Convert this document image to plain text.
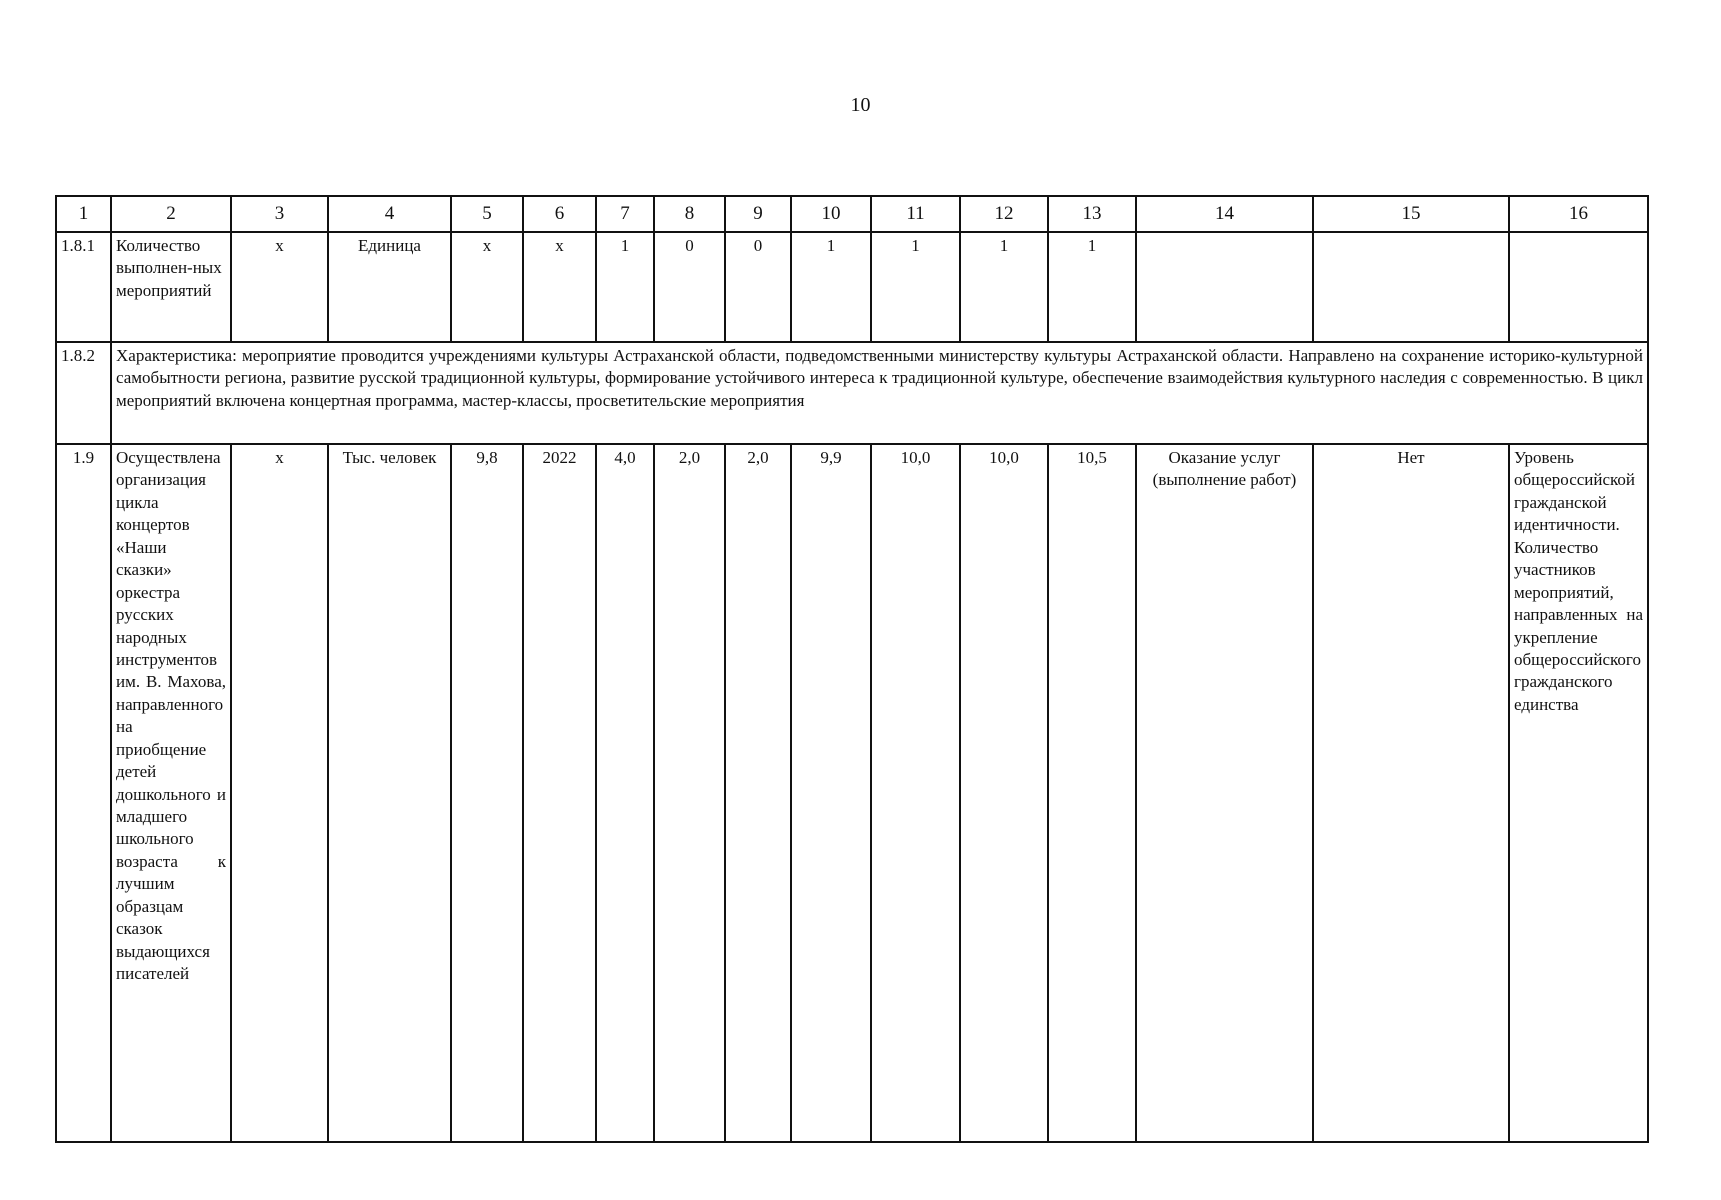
10
1	2	3	4	5	6	7	8	9	10	11	12	13	14	15	16
1.8.1	Количество выполнен-ных мероприятий	х	Единица	х	х	1	0	0	1	1	1	1			
1.8.2	Характеристика: мероприятие проводится учреждениями культуры Астраханской области, подведомственными министерству культуры Астраханской области. Направлено на сохранение историко-культурной самобытности региона, развитие русской традиционной культуры, формирование устойчивого интереса к традиционной культуре, обеспечение взаимодействия культурного наследия с современностью. В цикл мероприятий включена концертная программа, мастер-классы, просветительские мероприятия														
1.9	Осуществлена организация цикла концертов «Наши сказки» оркестра русских народных инструментов им. В. Махова, направленного на приобщение детей дошкольного и младшего школьного возраста к лучшим образцам сказок выдающихся писателей	х	Тыс. человек	9,8	2022	4,0	2,0	2,0	9,9	10,0	10,0	10,5	Оказание услуг (выполнение работ)	Нет	Уровень общероссийской гражданской идентичности. Количество участников мероприятий, направленных на укрепление общероссийского гражданского единства
